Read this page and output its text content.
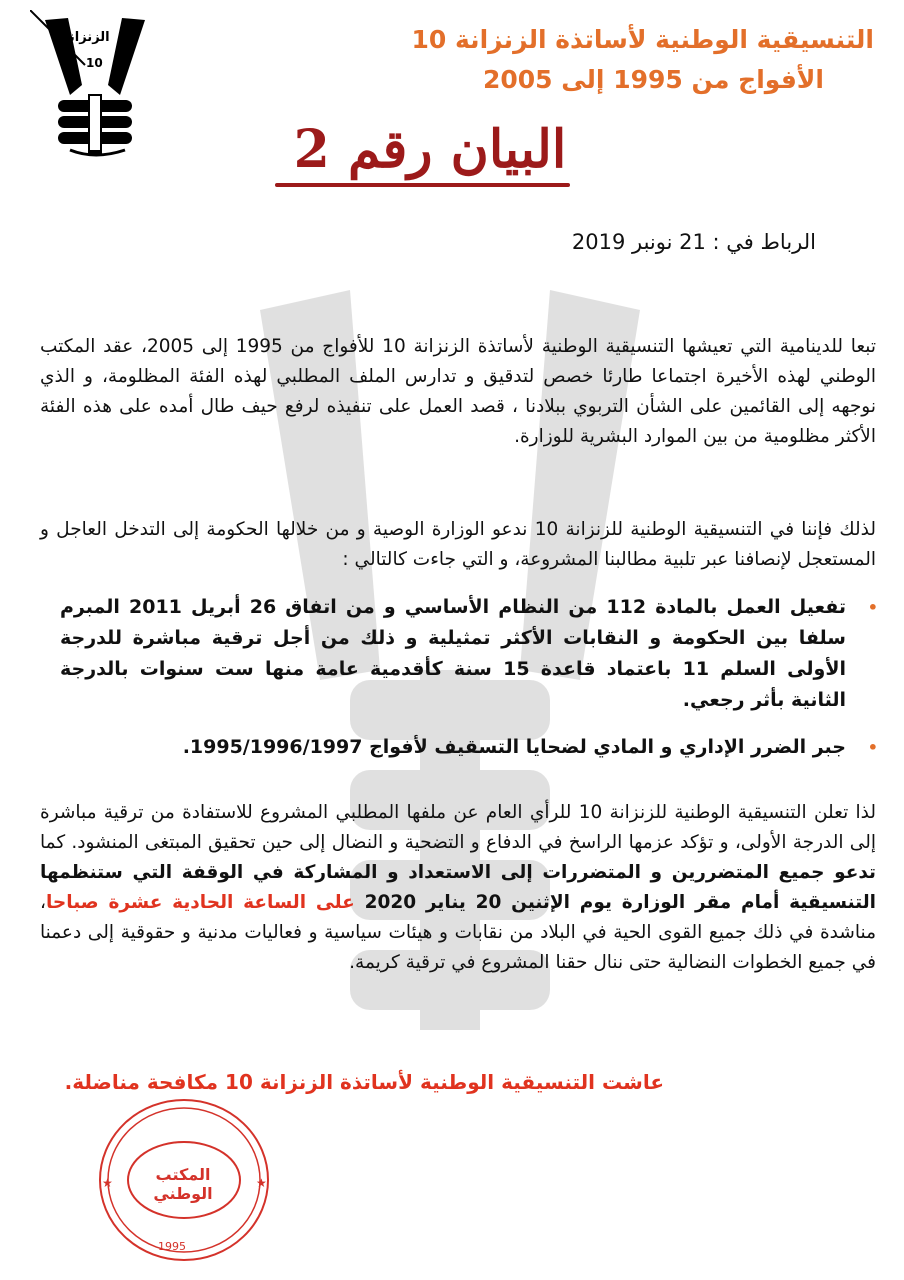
الزنزانة
10
التنسيقية الوطنية لأساتذة الزنزانة 10
الأفواج من 1995 إلى 2005
البيان رقم 2
الرباط في : 21 نونبر 2019
تبعا للدينامية التي تعيشها التنسيقية الوطنية لأساتذة الزنزانة 10 للأفواج من 1995 إلى 2005، عقد المكتب الوطني لهذه الأخيرة اجتماعا طارئا خصص لتدقيق و تدارس الملف المطلبي لهذه الفئة المظلومة، و الذي نوجهه إلى القائمين على الشأن التربوي ببلادنا ، قصد العمل على تنفيذه لرفع حيف طال أمده على هذه الفئة الأكثر مظلومية من بين الموارد البشرية للوزارة.
لذلك فإننا في التنسيقية الوطنية للزنزانة 10 ندعو الوزارة الوصية و من خلالها الحكومة إلى التدخل العاجل و المستعجل لإنصافنا عبر تلبية مطالبنا المشروعة، و التي جاءت كالتالي :
• تفعيل العمل بالمادة 112 من النظام الأساسي و من اتفاق 26 أبريل 2011 المبرم سلفا بين الحكومة و النقابات الأكثر تمثيلية و ذلك من أجل ترقية مباشرة للدرجة الأولى السلم 11 باعتماد قاعدة 15 سنة كأقدمية عامة منها ست سنوات بالدرجة الثانية بأثر رجعي.
• جبر الضرر الإداري و المادي لضحايا التسقيف لأفواج 1995/1996/1997.
لذا تعلن التنسيقية الوطنية للزنزانة 10 للرأي العام عن ملفها المطلبي المشروع للاستفادة من ترقية مباشرة إلى الدرجة الأولى، و تؤكد عزمها الراسخ في الدفاع و التضحية و النضال إلى حين تحقيق المبتغى المنشود. كما تدعو جميع المتضررين و المتضررات إلى الاستعداد و المشاركة في الوقفة التي ستنظمها التنسيقية أمام مقر الوزارة يوم الإثنين 20 يناير 2020 على الساعة الحادية عشرة صباحا، مناشدة في ذلك جميع القوى الحية في البلاد من نقابات و هيئات سياسية و فعاليات مدنية و حقوقية إلى دعمنا في جميع الخطوات النضالية حتى ننال حقنا المشروع في ترقية كريمة.
عاشت التنسيقية الوطنية لأساتذة الزنزانة 10 مكافحة مناضلة.
★	★
المكتب الوطني
1995
